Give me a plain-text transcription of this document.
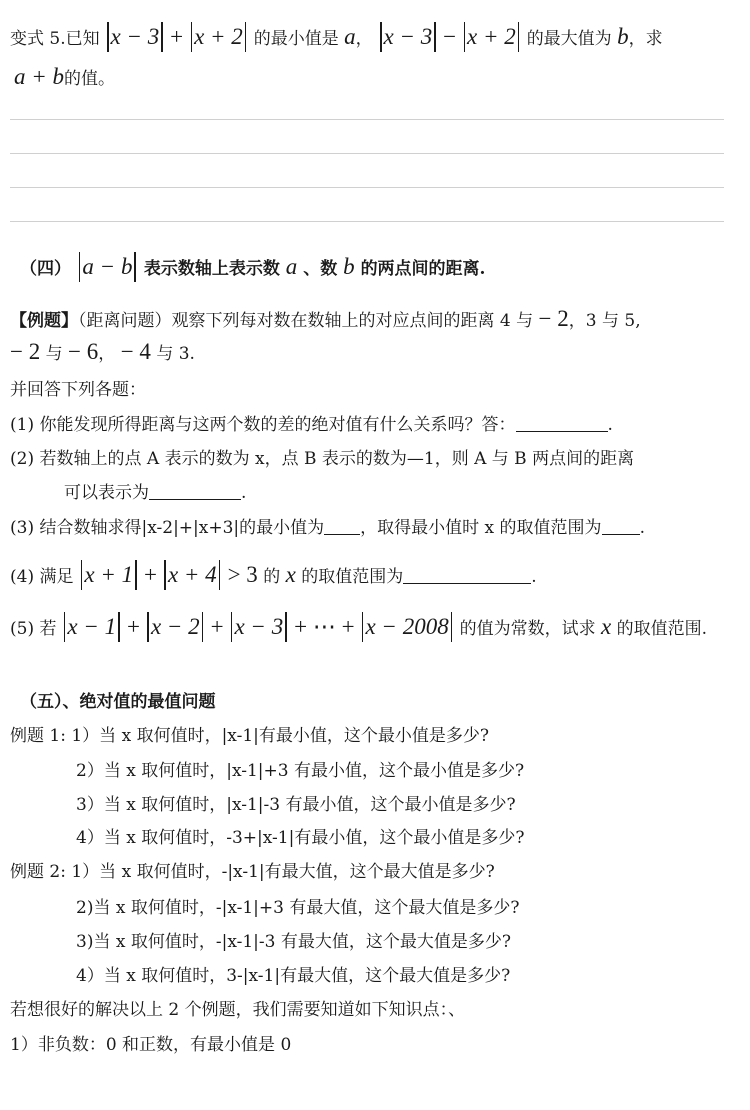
变式 5.已知 x − 3 + x + 2 的最小值是 a， x − 3 − x + 2 的最大值为 b，求
a + b的值。
（四） a − b 表示数轴上表示数 a 、数 b 的两点间的距离.
【例题】（距离问题）观察下列每对数在数轴上的对应点间的距离 4 与 − 2，3 与 5,
− 2 与 − 6， − 4 与 3.
并回答下列各题：
(1) 你能发现所得距离与这两个数的差的绝对值有什么关系吗？答：	.
(2) 若数轴上的点 A 表示的数为 x，点 B 表示的数为—1，则 A 与 B 两点间的距离
可以表示为	.
(3) 结合数轴求得|x-2|+|x+3|的最小值为 ，取得最小值时 x 的取值范围为 .
(4) 满足 x + 1 + x + 4 > 3 的 x 的取值范围为	.
(5) 若 x − 1 + x − 2 + x − 3 + ⋯ + x − 2008 的值为常数，试求 x 的取值范围.
（五）、绝对值的最值问题
例题 1: 1）当 x 取何值时，|x-1|有最小值，这个最小值是多少?
2）当 x 取何值时，|x-1|+3 有最小值，这个最小值是多少?
3）当 x 取何值时，|x-1|-3 有最小值，这个最小值是多少?
4）当 x 取何值时，-3+|x-1|有最小值，这个最小值是多少?
例题 2: 1）当 x 取何值时，-|x-1|有最大值，这个最大值是多少?
2)当 x 取何值时，-|x-1|+3 有最大值，这个最大值是多少?
3)当 x 取何值时，-|x-1|-3 有最大值，这个最大值是多少?
4）当 x 取何值时，3-|x-1|有最大值，这个最大值是多少?
若想很好的解决以上 2 个例题，我们需要知道如下知识点：、
1）非负数：0 和正数，有最小值是 0
